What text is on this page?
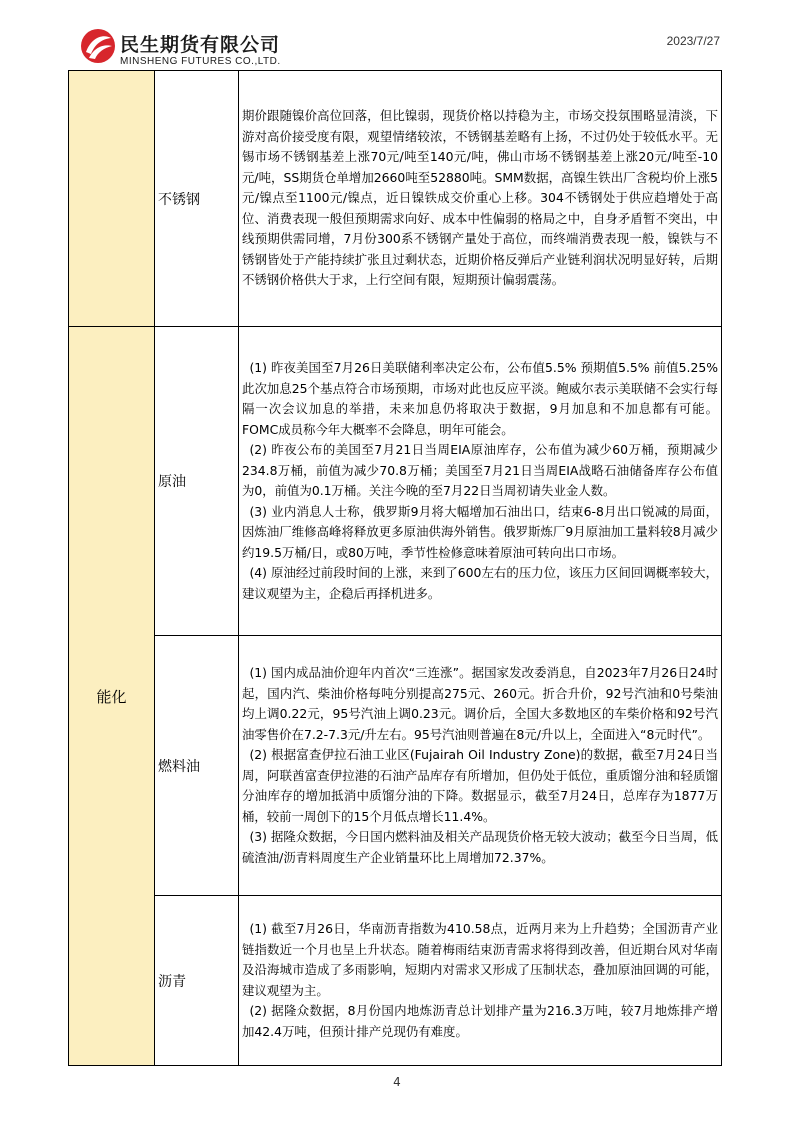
民生期货有限公司
MINSHENG FUTURES CO.,LTD.
2023/7/27
	不锈钢	期价跟随镍价高位回落，但比镍弱，现货价格以持稳为主，市场交投氛围略显清淡，下游对高价接受度有限，观望情绪较浓，不锈钢基差略有上扬，不过仍处于较低水平。无锡市场不锈钢基差上涨70元/吨至140元/吨，佛山市场不锈钢基差上涨20元/吨至-10元/吨，SS期货仓单增加2660吨至52880吨。SMM数据，高镍生铁出厂含税均价上涨5元/镍点至1100元/镍点，近日镍铁成交价重心上移。304不锈钢处于供应趋增处于高位、消费表现一般但预期需求向好、成本中性偏弱的格局之中，自身矛盾暂不突出，中线预期供需同增，7月份300系不锈钢产量处于高位，而终端消费表现一般，镍铁与不锈钢皆处于产能持续扩张且过剩状态，近期价格反弹后产业链利润状况明显好转，后期不锈钢价格供大于求，上行空间有限，短期预计偏弱震荡。

能化	原油	(1) 昨夜美国至7月26日美联储利率决定公布，公布值5.5% 预期值5.5% 前值5.25% 此次加息25个基点符合市场预期，市场对此也反应平淡。鲍威尔表示美联储不会实行每隔一次会议加息的举措，未来加息仍将取决于数据，9月加息和不加息都有可能。FOMC成员称今年大概率不会降息，明年可能会。

(2) 昨夜公布的美国至7月21日当周EIA原油库存，公布值为减少60万桶，预期减少234.8万桶，前值为减少70.8万桶；美国至7月21日当周EIA战略石油储备库存公布值为0，前值为0.1万桶。关注今晚的至7月22日当周初请失业金人数。

(3) 业内消息人士称，俄罗斯9月将大幅增加石油出口，结束6-8月出口锐减的局面，因炼油厂维修高峰将释放更多原油供海外销售。俄罗斯炼厂9月原油加工量料较8月减少约19.5万桶/日，或80万吨，季节性检修意味着原油可转向出口市场。

(4) 原油经过前段时间的上涨，来到了600左右的压力位，该压力区间回调概率较大，建议观望为主，企稳后再择机进多。

	燃料油	(1) 国内成品油价迎年内首次“三连涨”。据国家发改委消息，自2023年7月26日24时起，国内汽、柴油价格每吨分别提高275元、260元。折合升价，92号汽油和0号柴油均上调0.22元，95号汽油上调0.23元。调价后，全国大多数地区的车柴价格和92号汽油零售价在7.2-7.3元/升左右。95号汽油则普遍在8元/升以上，全面进入“8元时代”。

(2) 根据富查伊拉石油工业区(Fujairah Oil Industry Zone)的数据，截至7月24日当周，阿联酋富查伊拉港的石油产品库存有所增加，但仍处于低位，重质馏分油和轻质馏分油库存的增加抵消中质馏分油的下降。数据显示，截至7月24日，总库存为1877万桶，较前一周创下的15个月低点增长11.4%。

(3) 据隆众数据，今日国内燃料油及相关产品现货价格无较大波动；截至今日当周，低硫渣油/沥青料周度生产企业销量环比上周增加72.37%。

	沥青	(1) 截至7月26日，华南沥青指数为410.58点，近两月来为上升趋势；全国沥青产业链指数近一个月也呈上升状态。随着梅雨结束沥青需求将得到改善，但近期台风对华南及沿海城市造成了多雨影响，短期内对需求又形成了压制状态，叠加原油回调的可能，建议观望为主。

(2) 据隆众数据，8月份国内地炼沥青总计划排产量为216.3万吨，较7月地炼排产增加42.4万吨，但预计排产兑现仍有难度。

4
